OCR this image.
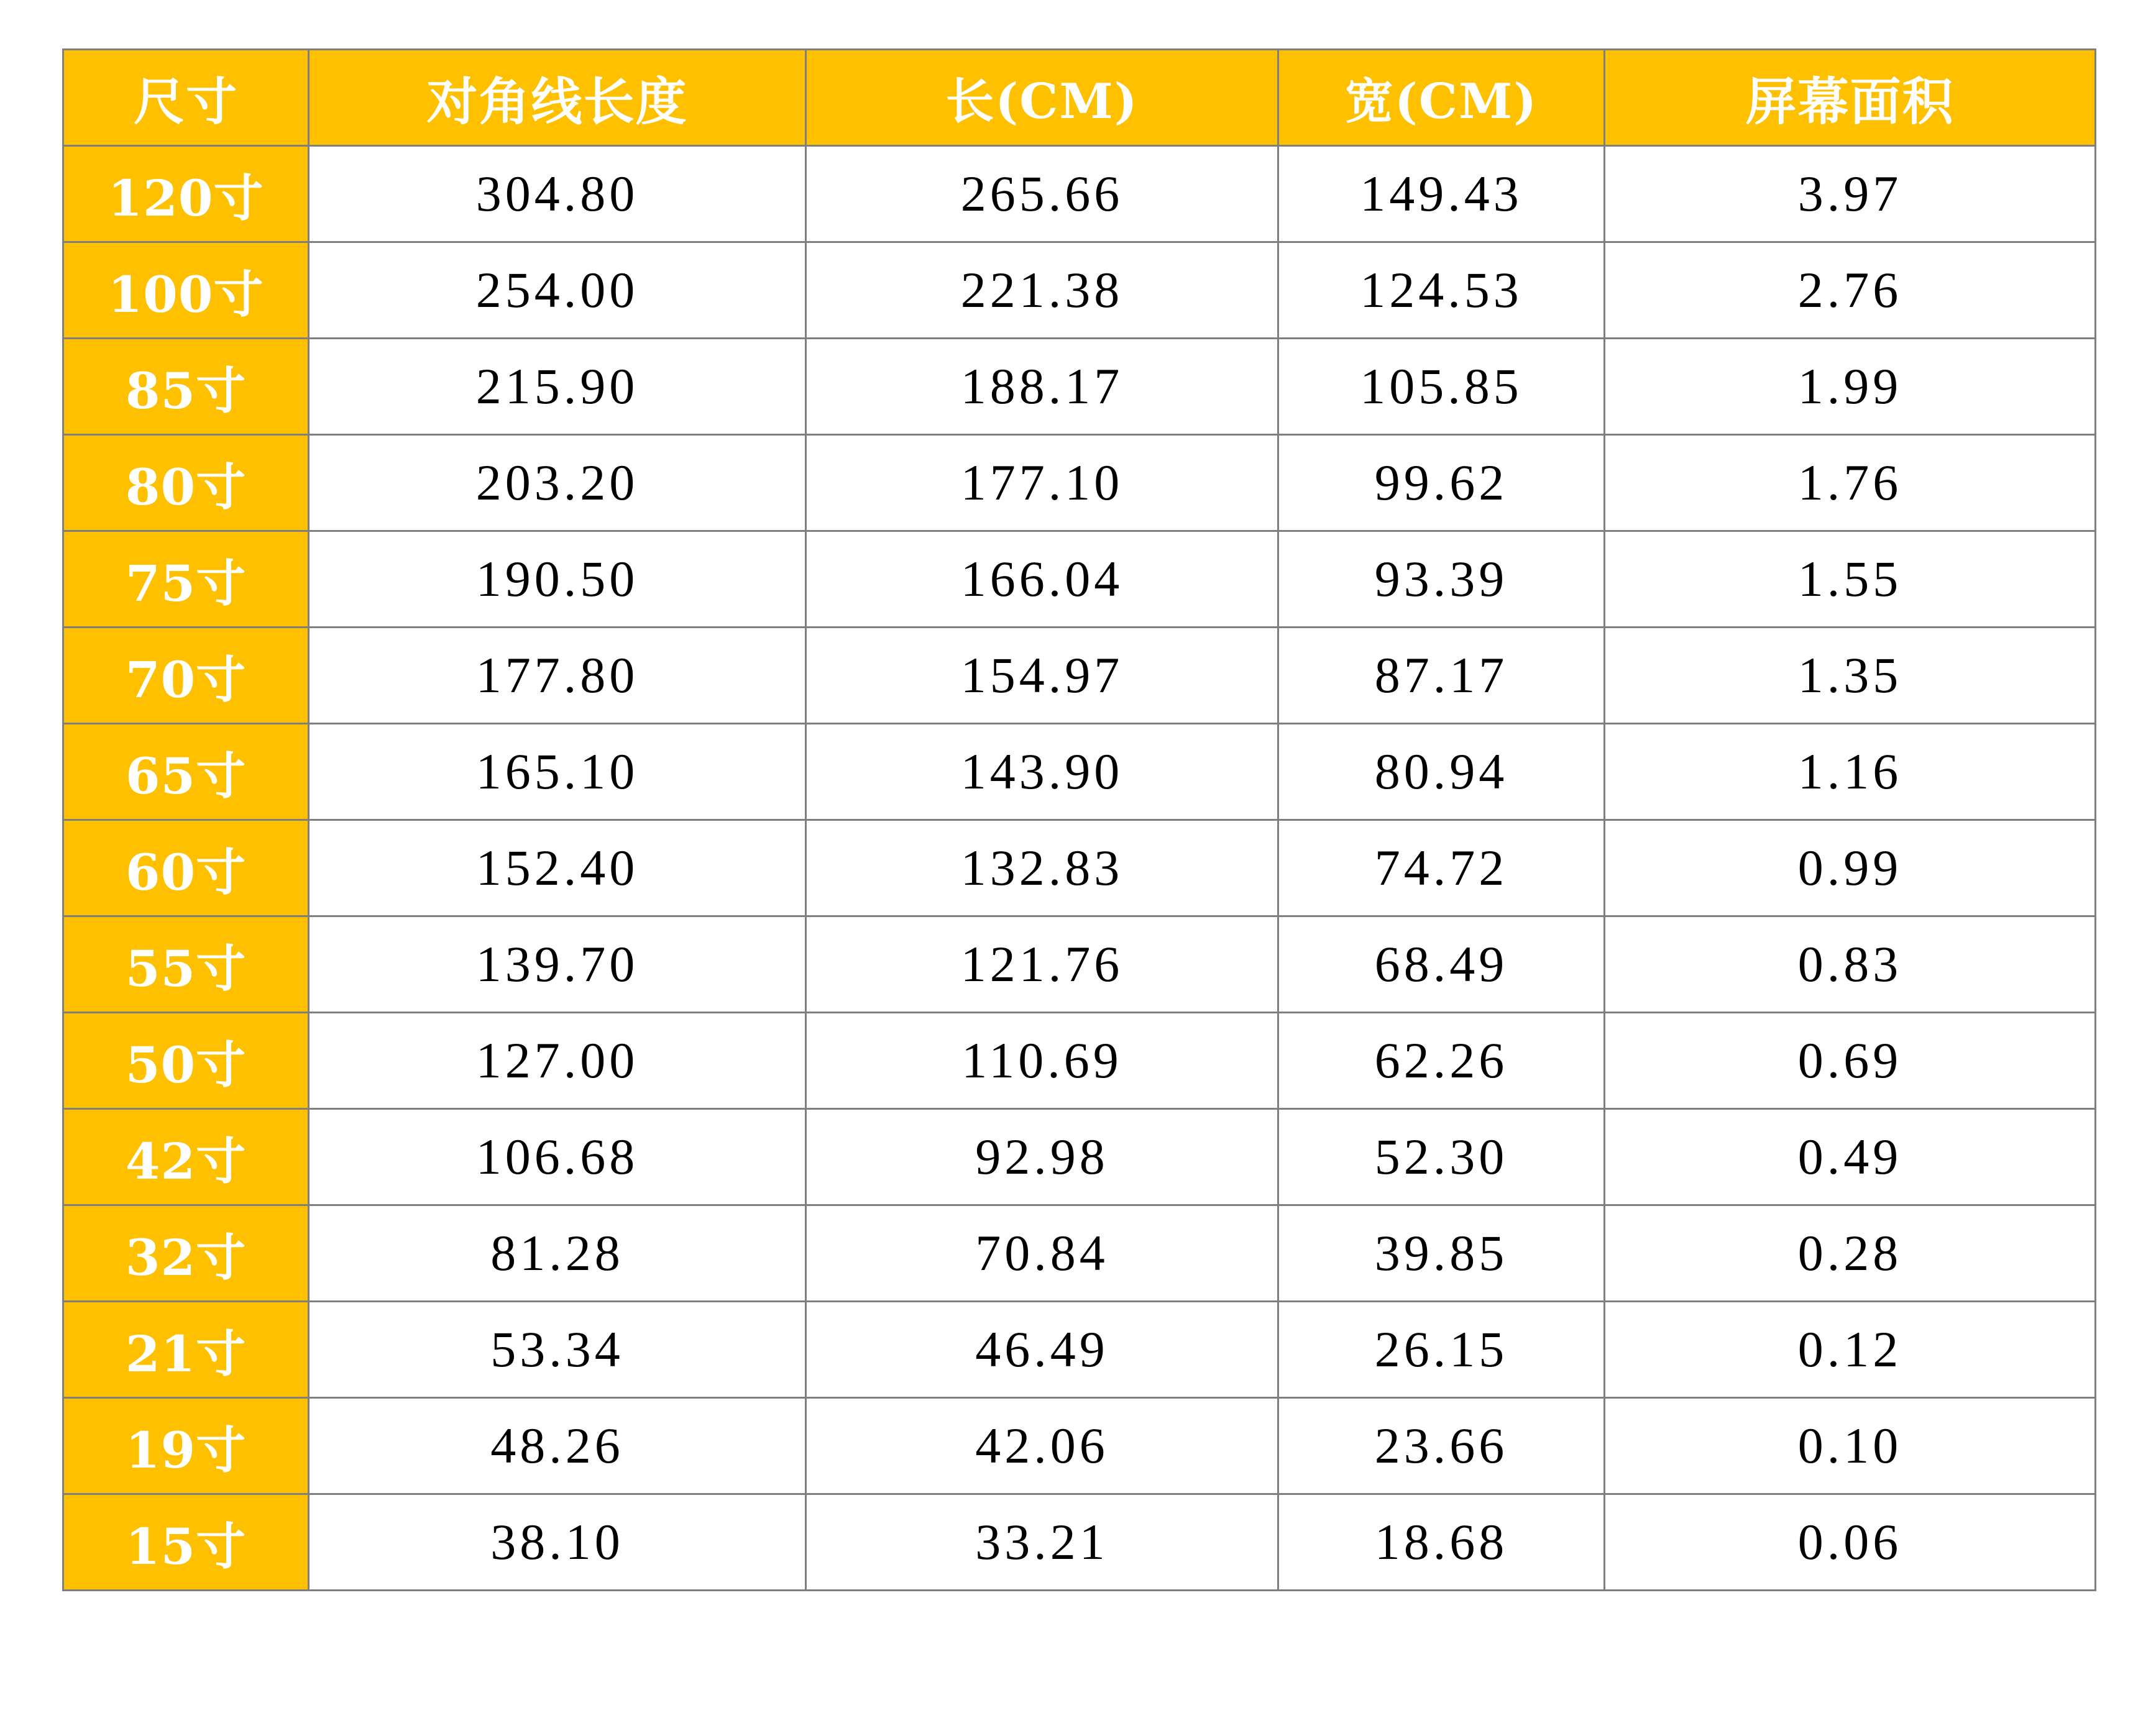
尺寸	对角线长度	长(CM)	宽(CM)	屏幕面积
120寸	304.80	265.66	149.43	3.97
100寸	254.00	221.38	124.53	2.76
85寸	215.90	188.17	105.85	1.99
80寸	203.20	177.10	99.62	1.76
75寸	190.50	166.04	93.39	1.55
70寸	177.80	154.97	87.17	1.35
65寸	165.10	143.90	80.94	1.16
60寸	152.40	132.83	74.72	0.99
55寸	139.70	121.76	68.49	0.83
50寸	127.00	110.69	62.26	0.69
42寸	106.68	92.98	52.30	0.49
32寸	81.28	70.84	39.85	0.28
21寸	53.34	46.49	26.15	0.12
19寸	48.26	42.06	23.66	0.10
15寸	38.10	33.21	18.68	0.06
